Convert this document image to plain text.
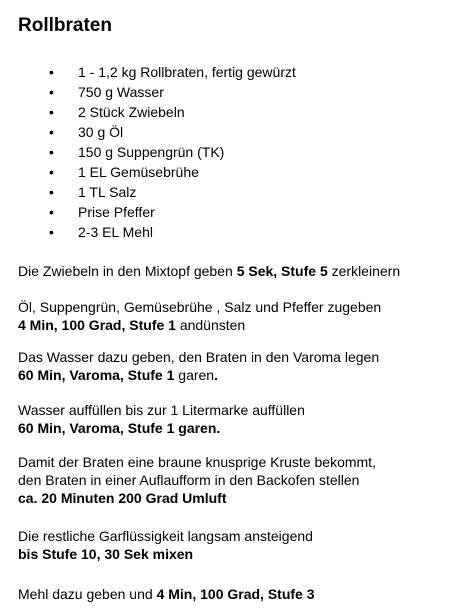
Rollbraten
• 1 - 1,2 kg Rollbraten, fertig gewürzt
• 750 g Wasser
• 2 Stück Zwiebeln
• 30 g Öl
• 150 g Suppengrün (TK)
• 1 EL Gemüsebrühe
• 1 TL Salz
• Prise Pfeffer
• 2-3 EL Mehl

Die Zwiebeln in den Mixtopf geben 5 Sek, Stufe 5 zerkleinern

Öl, Suppengrün, Gemüsebrühe , Salz und Pfeffer zugeben
4 Min, 100 Grad, Stufe 1 andünsten

Das Wasser dazu geben, den Braten in den Varoma legen
60 Min, Varoma, Stufe 1 garen.

Wasser auffüllen bis zur 1 Litermarke auffüllen
60 Min, Varoma, Stufe 1 garen.

Damit der Braten eine braune knusprige Kruste bekommt,
den Braten in einer Auflaufform in den Backofen stellen
ca. 20 Minuten 200 Grad Umluft

Die restliche Garflüssigkeit langsam ansteigend
bis Stufe 10, 30 Sek mixen

Mehl dazu geben und 4 Min, 100 Grad, Stufe 3
